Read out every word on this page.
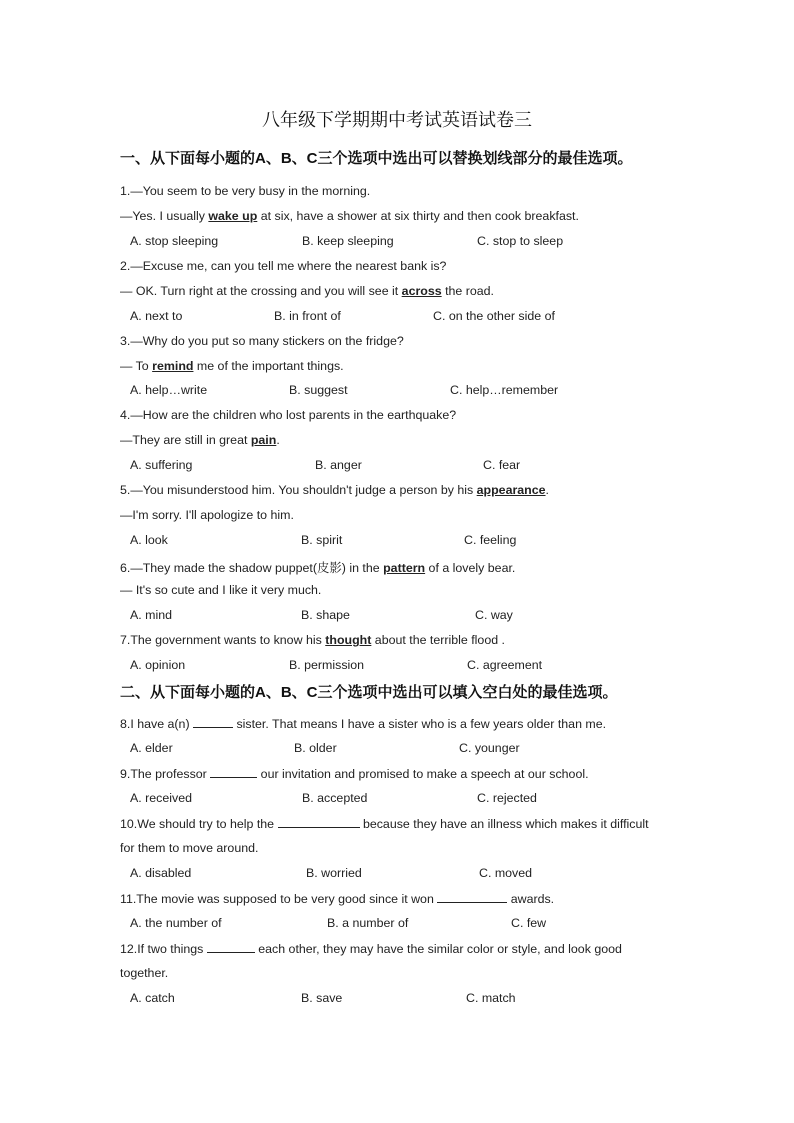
八年级下学期期中考试英语试卷三
一、从下面每小题的A、B、C三个选项中选出可以替换划线部分的最佳选项。
1.—You seem to be very busy in the morning.
—Yes. I usually wake up at six, have a shower at six thirty and then cook breakfast.
A. stop sleeping	B. keep sleeping	C. stop to sleep
2.—Excuse me, can you tell me where the nearest bank is?
— OK. Turn right at the crossing and you will see it across the road.
A. next to	B. in front of	C. on the other side of
3.—Why do you put so many stickers on the fridge?
— To remind me of the important things.
A. help…write	B. suggest	C. help…remember
4.—How are the children who lost parents in the earthquake?
—They are still in great pain.
A. suffering	B. anger	C. fear
5.—You misunderstood him. You shouldn't judge a person by his appearance.
—I'm sorry. I'll apologize to him.
A. look	B. spirit	C. feeling
6.—They made the shadow puppet(皮影) in the pattern of a lovely bear.
— It's so cute and I like it very much.
A. mind	B. shape	C. way
7.The government wants to know his thought about the terrible flood .
A. opinion	B. permission	C. agreement
二、从下面每小题的A、B、C三个选项中选出可以填入空白处的最佳选项。
8.I have a(n)	sister. That means I have a sister who is a few years older than me.
A. elder	B. older	C. younger
9.The professor	our invitation and promised to make a speech at our school.
A. received	B. accepted	C. rejected
10.We should try to help the	because they have an illness which makes it difficult
for them to move around.
A. disabled	B. worried	C. moved
11.The movie was supposed to be very good since it won	awards.
A. the number of	B. a number of	C. few
12.If two things	each other, they may have the similar color or style, and look good
together.
A. catch	B. save	C. match
